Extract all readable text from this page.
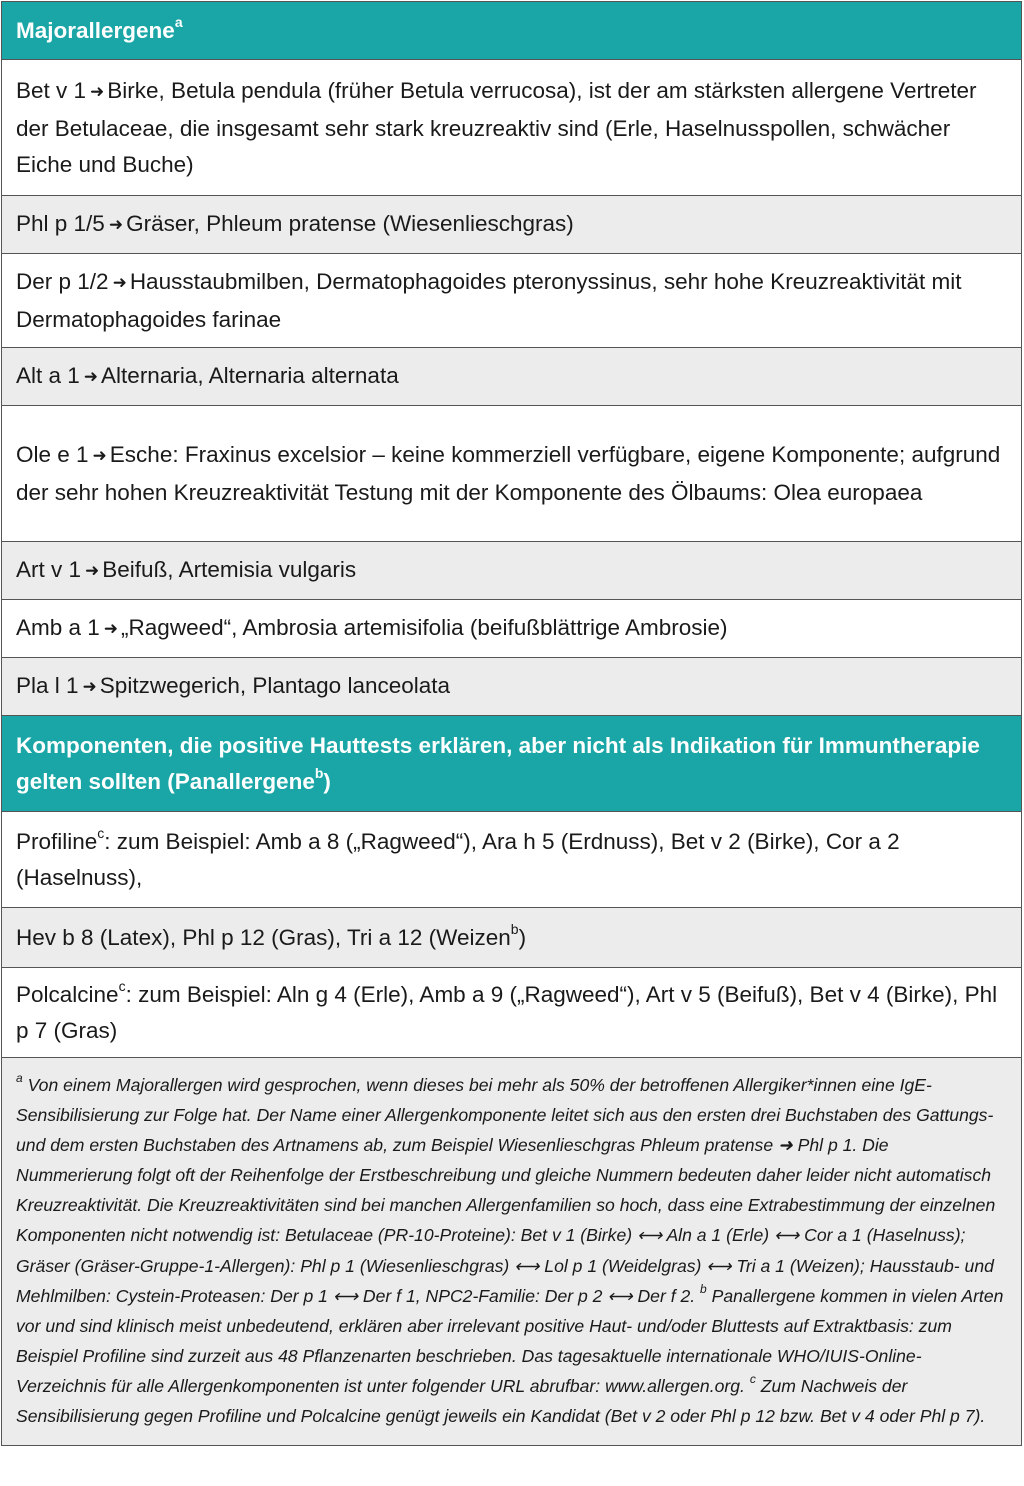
Majorallergene$^a$
Bet v 1 ➜ Birke, Betula pendula (früher Betula verrucosa), ist der am stärksten allergene Vertreter der Betulaceae, die insgesamt sehr stark kreuzreaktiv sind (Erle, Haselnusspollen, schwächer Eiche und Buche)
Phl p 1/5 ➜ Gräser, Phleum pratense (Wiesenlieschgras)
Der p 1/2 ➜ Hausstaubmilben, Dermatophagoides pteronyssinus, sehr hohe Kreuzreaktivität mit Dermatophagoides farinae
Alt a 1 ➜ Alternaria, Alternaria alternata
Ole e 1 ➜ Esche: Fraxinus excelsior – keine kommerziell verfügbare, eigene Komponente; aufgrund der sehr hohen Kreuzreaktivität Testung mit der Komponente des Ölbaums: Olea europaea
Art v 1 ➜ Beifuß, Artemisia vulgaris
Amb a 1 ➜ „Ragweed“, Ambrosia artemisifolia (beifußblättrige Ambrosie)
Pla l 1 ➜ Spitzwegerich, Plantago lanceolata
Komponenten, die positive Hauttests erklären, aber nicht als Indikation für Immuntherapie gelten sollten (Panallergene$^b$)
Profiline$^c$: zum Beispiel: Amb a 8 („Ragweed“), Ara h 5 (Erdnuss), Bet v 2 (Birke), Cor a 2 (Haselnuss),
Hev b 8 (Latex), Phl p 12 (Gras), Tri a 12 (Weizen$^b$)
Polcalcine$^c$: zum Beispiel: Aln g 4 (Erle), Amb a 9 („Ragweed“), Art v 5 (Beifuß), Bet v 4 (Birke), Phl p 7 (Gras)
$^a$ Von einem Majorallergen wird gesprochen, wenn dieses bei mehr als 50% der betroffenen Allergiker*innen eine IgE-Sensibilisierung zur Folge hat. Der Name einer Allergenkomponente leitet sich aus den ersten drei Buchstaben des Gattungs- und dem ersten Buchstaben des Artnamens ab, zum Beispiel Wiesenlieschgras Phleum pratense ➜ Phl p 1. Die Nummerierung folgt oft der Reihenfolge der Erstbeschreibung und gleiche Nummern bedeuten daher leider nicht automatisch Kreuzreaktivität. Die Kreuzreaktivitäten sind bei manchen Allergenfamilien so hoch, dass eine Extrabestimmung der einzelnen Komponenten nicht notwendig ist: Betulaceae (PR-10-Proteine): Bet v 1 (Birke) ⟷ Aln a 1 (Erle) ⟷ Cor a 1 (Haselnuss); Gräser (Gräser-Gruppe-1-Allergen): Phl p 1 (Wiesenlieschgras) ⟷ Lol p 1 (Weidelgras) ⟷ Tri a 1 (Weizen); Hausstaub- und Mehlmilben: Cystein-Proteasen: Der p 1 ⟷ Der f 1, NPC2-Familie: Der p 2 ⟷ Der f 2. $^b$ Panallergene kommen in vielen Arten vor und sind klinisch meist unbedeutend, erklären aber irrelevant positive Haut- und/oder Bluttests auf Extraktbasis: zum Beispiel Profiline sind zurzeit aus 48 Pflanzenarten beschrieben. Das tagesaktuelle internationale WHO/IUIS-Online-Verzeichnis für alle Allergenkomponenten ist unter folgender URL abrufbar: www.allergen.org. $^c$ Zum Nachweis der Sensibilisierung gegen Profiline und Polcalcine genügt jeweils ein Kandidat (Bet v 2 oder Phl p 12 bzw. Bet v 4 oder Phl p 7).
